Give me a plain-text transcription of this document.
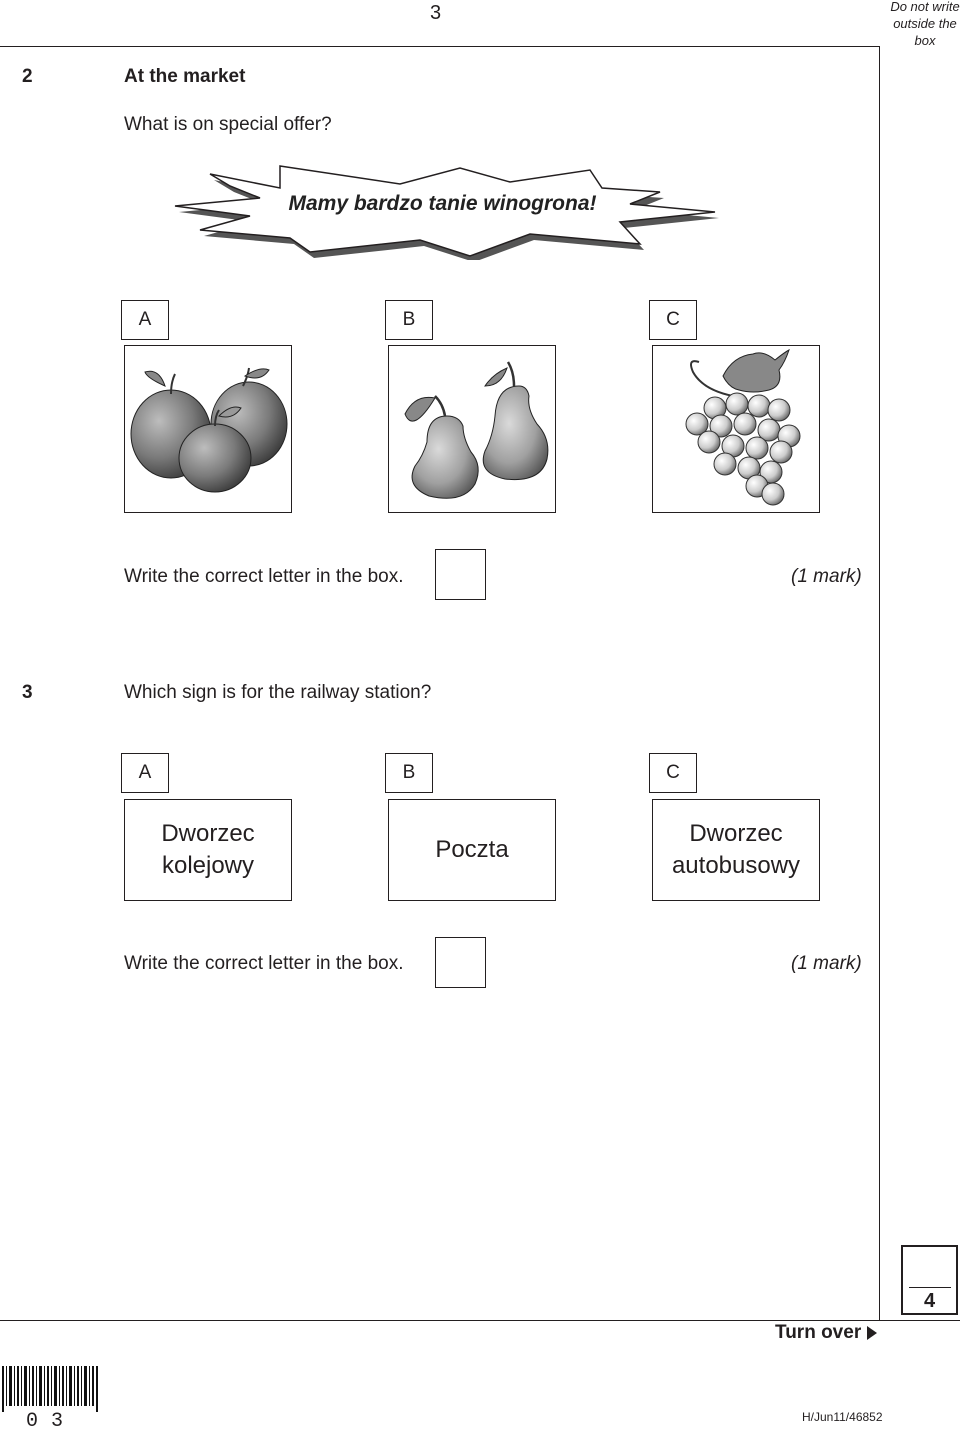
3	Do not write
outside the
box
2	At the market
What is on special offer?
Mamy bardzo tanie winogrona!
A	B	C
Write the correct letter in the box.	(1 mark)
3	Which sign is for the railway station?
A	B	C
Dworzec
kolejowy
Poczta
Dworzec
autobusowy
Write the correct letter in the box.	(1 mark)
4
Turn over
03	H/Jun11/46852
